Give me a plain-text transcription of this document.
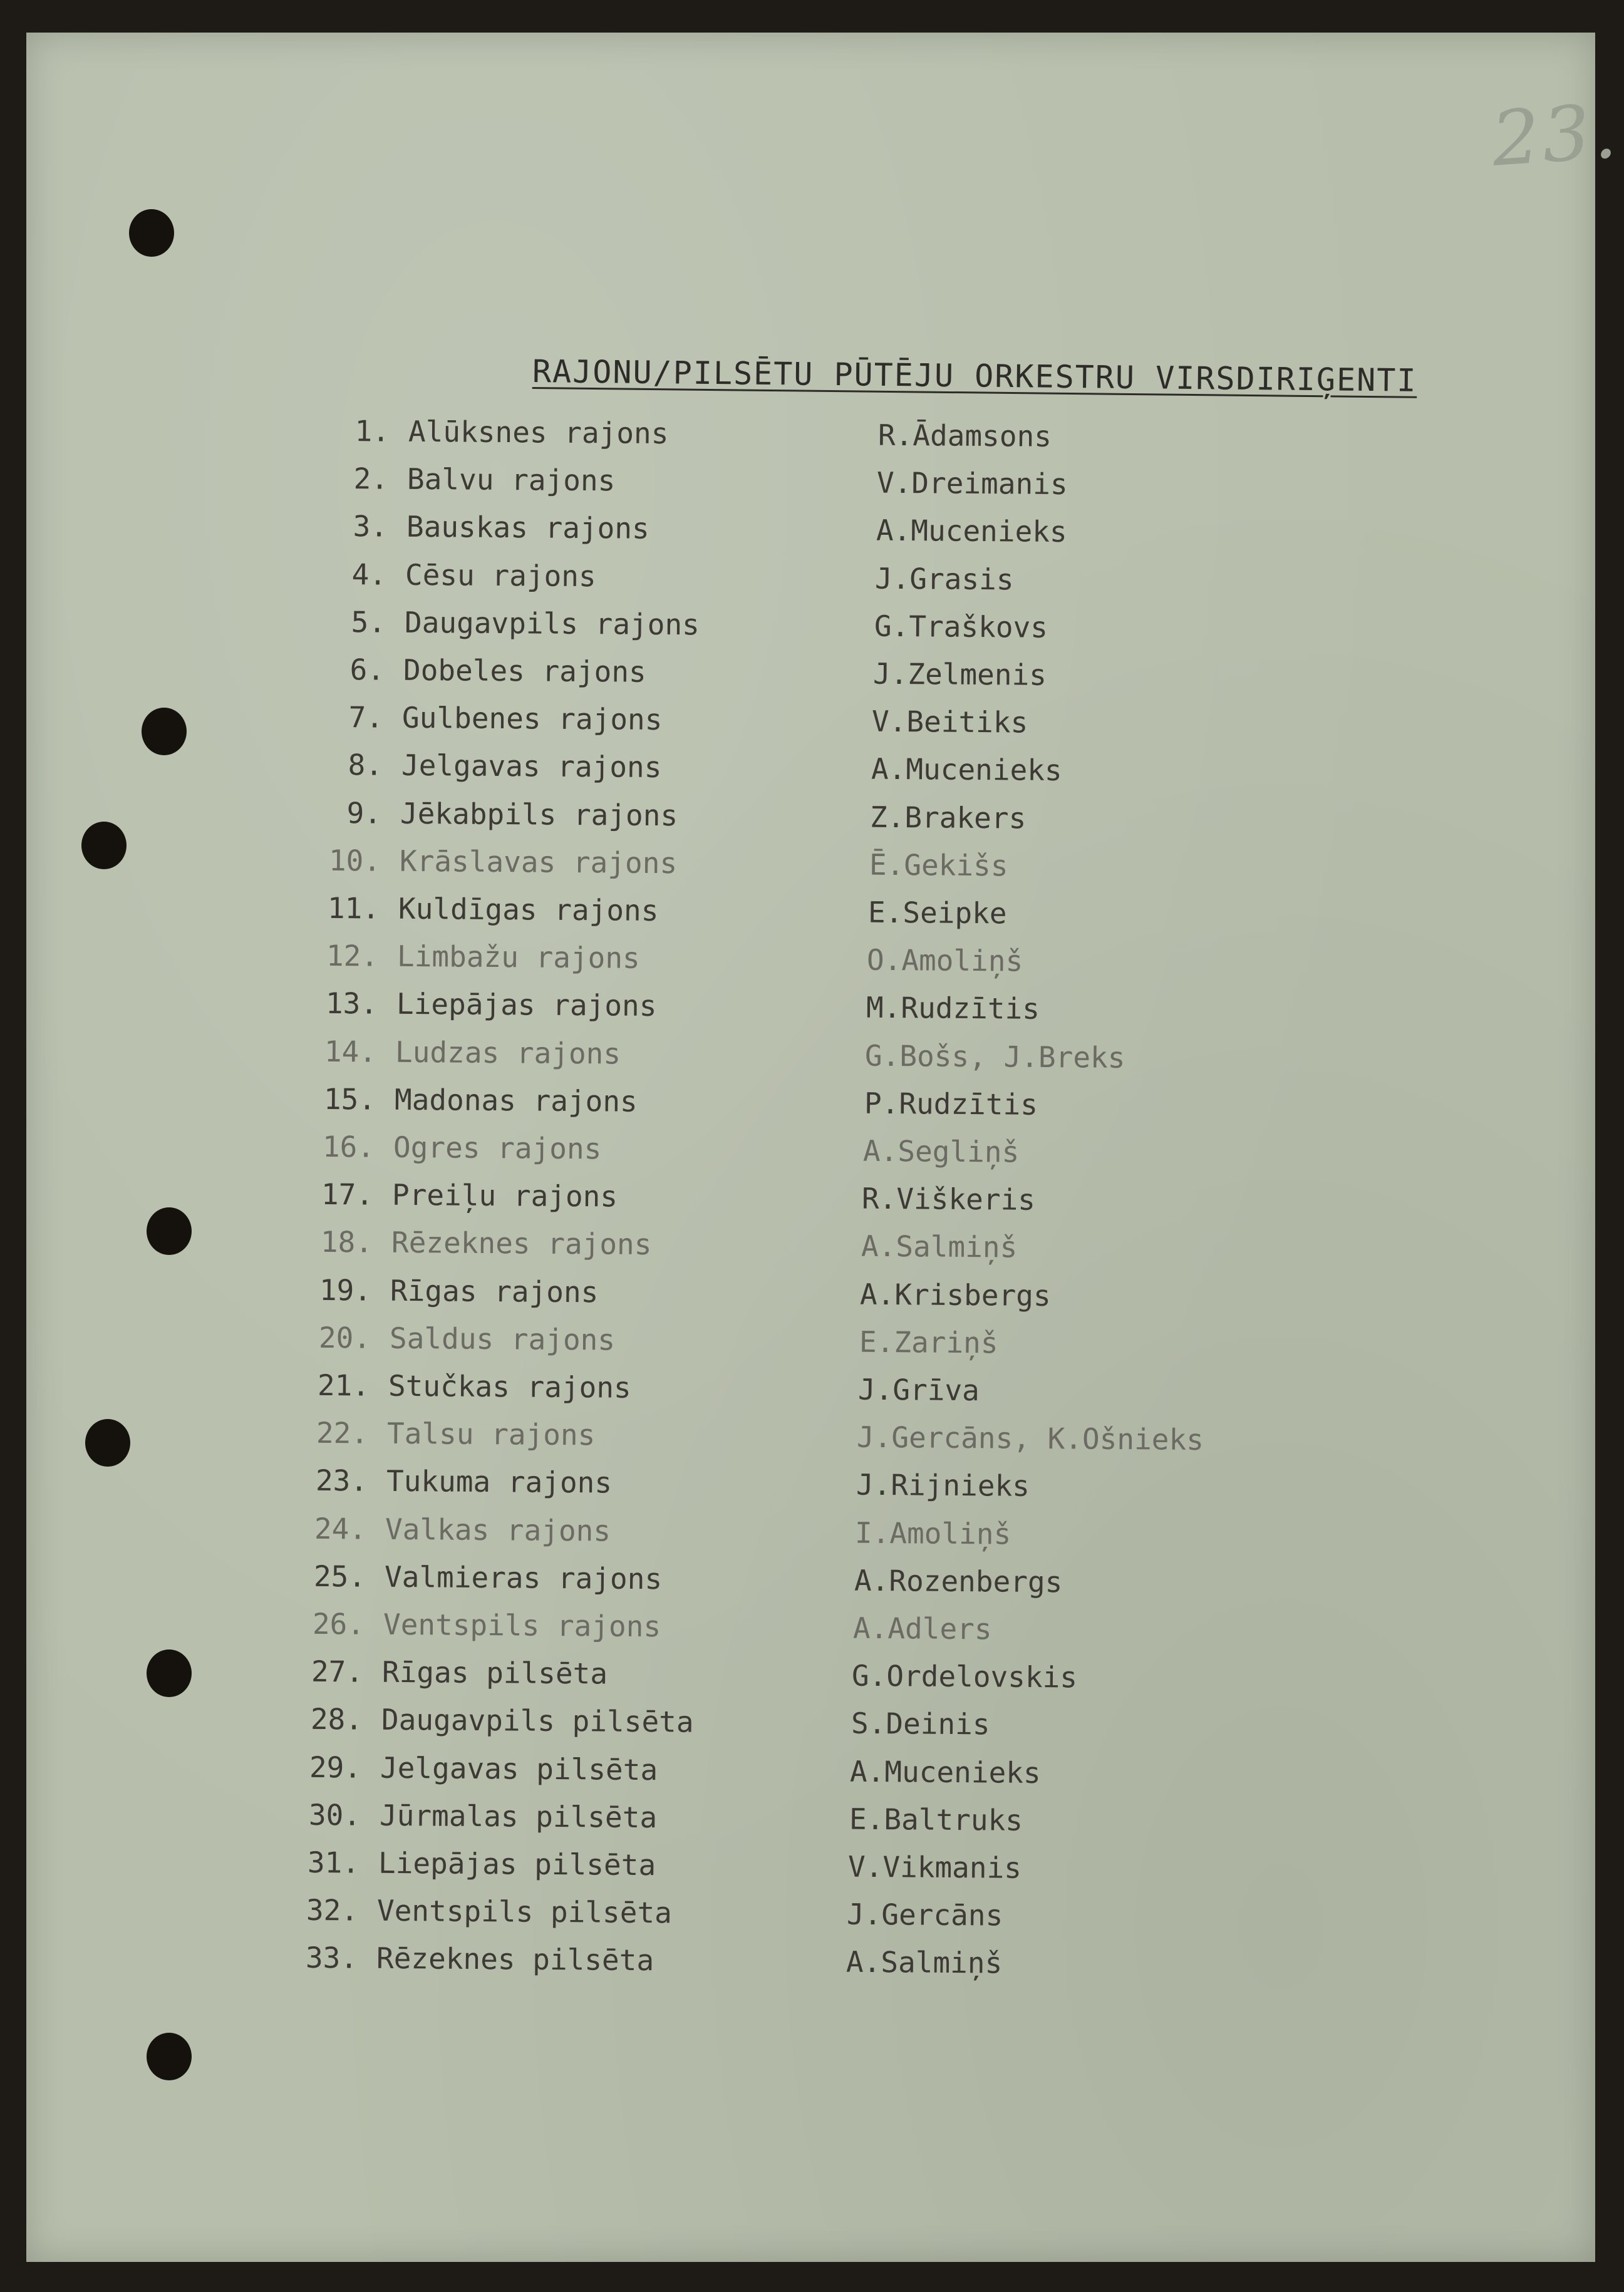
23.
RAJONU/PILSĒTU PŪTĒJU ORKESTRU VIRSDIRIĢENTI
1. Alūksnes rajons	R.Ādamsons
2. Balvu rajons	V.Dreimanis
3. Bauskas rajons	A.Mucenieks
4. Cēsu rajons	J.Grasis
5. Daugavpils rajons	G.Traškovs
6. Dobeles rajons	J.Zelmenis
7. Gulbenes rajons	V.Beitiks
8. Jelgavas rajons	A.Mucenieks
9. Jēkabpils rajons	Z.Brakers
10. Krāslavas rajons	Ē.Gekišs
11. Kuldīgas rajons	E.Seipke
12. Limbažu rajons	O.Amoliņš
13. Liepājas rajons	M.Rudzītis
14. Ludzas rajons	G.Bošs, J.Breks
15. Madonas rajons	P.Rudzītis
16. Ogres rajons	A.Segliņš
17. Preiļu rajons	R.Viškeris
18. Rēzeknes rajons	A.Salmiņš
19. Rīgas rajons	A.Krisbergs
20. Saldus rajons	E.Zariņš
21. Stučkas rajons	J.Grīva
22. Talsu rajons	J.Gercāns, K.Ošnieks
23. Tukuma rajons	J.Rijnieks
24. Valkas rajons	I.Amoliņš
25. Valmieras rajons	A.Rozenbergs
26. Ventspils rajons	A.Adlers
27. Rīgas pilsēta	G.Ordelovskis
28. Daugavpils pilsēta	S.Deinis
29. Jelgavas pilsēta	A.Mucenieks
30. Jūrmalas pilsēta	E.Baltruks
31. Liepājas pilsēta	V.Vikmanis
32. Ventspils pilsēta	J.Gercāns
33. Rēzeknes pilsēta	A.Salmiņš
